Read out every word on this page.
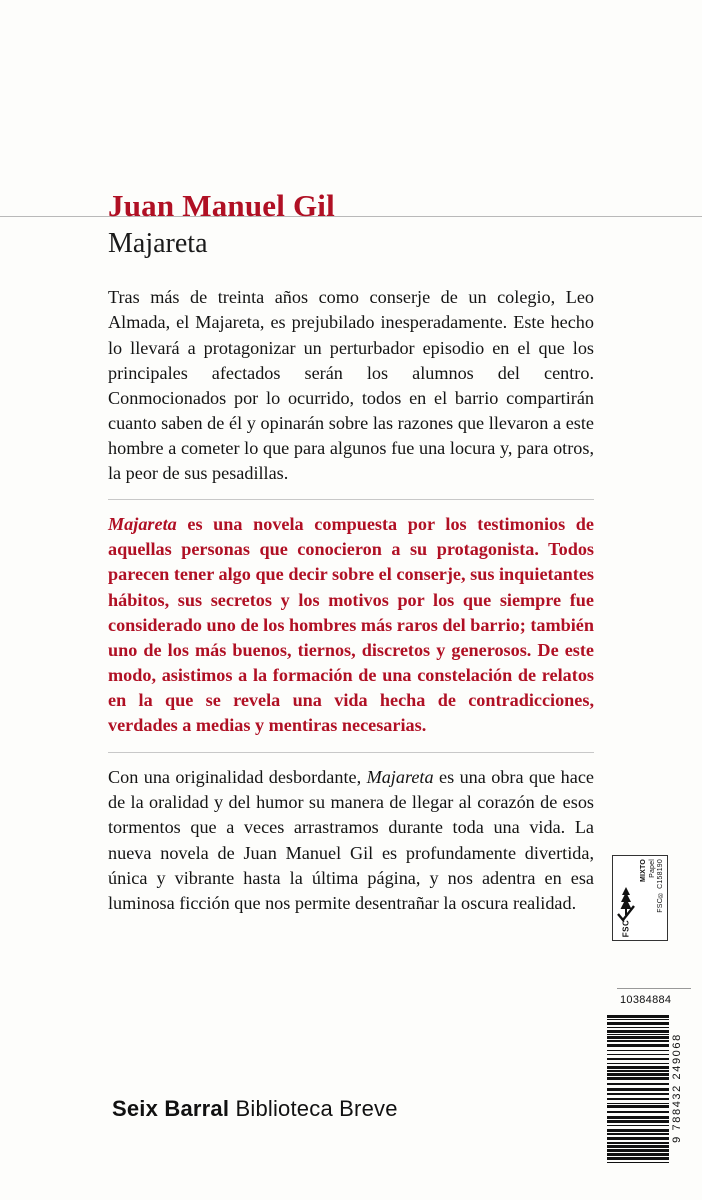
Juan Manuel Gil
Majareta

Tras más de treinta años como conserje de un colegio, Leo Almada, el Majareta, es prejubilado inesperadamente. Este hecho lo llevará a protagonizar un perturbador episodio en el que los principales afectados serán los alumnos del centro. Conmocionados por lo ocurrido, todos en el barrio compartirán cuanto saben de él y opinarán sobre las razones que llevaron a este hombre a cometer lo que para algunos fue una locura y, para otros, la peor de sus pesadillas.

Majareta es una novela compuesta por los testimonios de aquellas personas que conocieron a su protagonista. Todos parecen tener algo que decir sobre el conserje, sus inquietantes hábitos, sus secretos y los motivos por los que siempre fue considerado uno de los hombres más raros del barrio; también uno de los más buenos, tiernos, discretos y generosos. De este modo, asistimos a la formación de una constelación de relatos en la que se revela una vida hecha de contradicciones, verdades a medias y mentiras necesarias.

Con una originalidad desbordante, Majareta es una obra que hace de la oralidad y del humor su manera de llegar al corazón de esos tormentos que a veces arrastramos durante toda una vida. La nueva novela de Juan Manuel Gil es profundamente divertida, única y vibrante hasta la última página, y nos adentra en esa luminosa ficción que nos permite desentrañar la oscura realidad.

Seix Barral Biblioteca Breve
FSC
MIXTO Papel FSC® C158190
10384884
9 788432 249068
